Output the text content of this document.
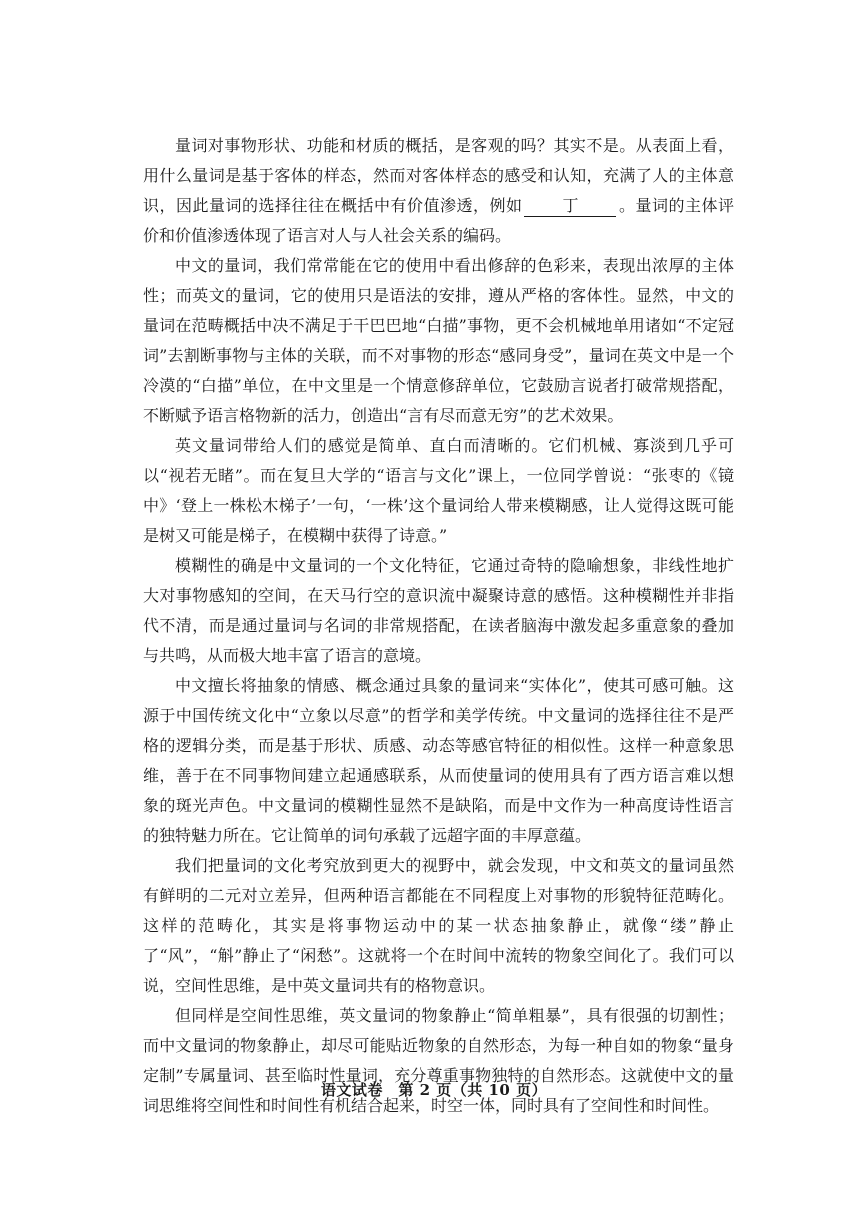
量词对事物形状、功能和材质的概括，是客观的吗？其实不是。从表面上看，用什么量词是基于客体的样态，然而对客体样态的感受和认知，充满了人的主体意识，因此量词的选择往往在概括中有价值渗透，例如 丁	。量词的主体评价和价值渗透体现了语言对人与人社会关系的编码。

中文的量词，我们常常能在它的使用中看出修辞的色彩来，表现出浓厚的主体性；而英文的量词，它的使用只是语法的安排，遵从严格的客体性。显然，中文的量词在范畴概括中决不满足于干巴巴地“白描”事物，更不会机械地单用诸如“不定冠词”去割断事物与主体的关联，而不对事物的形态“感同身受”，量词在英文中是一个冷漠的“白描”单位，在中文里是一个情意修辞单位，它鼓励言说者打破常规搭配，不断赋予语言格物新的活力，创造出“言有尽而意无穷”的艺术效果。

英文量词带给人们的感觉是简单、直白而清晰的。它们机械、寡淡到几乎可以“视若无睹”。而在复旦大学的“语言与文化”课上，一位同学曾说：“张枣的《镜中》‘登上一株松木梯子’一句，‘一株’这个量词给人带来模糊感，让人觉得这既可能是树又可能是梯子，在模糊中获得了诗意。”

模糊性的确是中文量词的一个文化特征，它通过奇特的隐喻想象，非线性地扩大对事物感知的空间，在天马行空的意识流中凝聚诗意的感悟。这种模糊性并非指代不清，而是通过量词与名词的非常规搭配，在读者脑海中激发起多重意象的叠加与共鸣，从而极大地丰富了语言的意境。

中文擅长将抽象的情感、概念通过具象的量词来“实体化”，使其可感可触。这源于中国传统文化中“立象以尽意”的哲学和美学传统。中文量词的选择往往不是严格的逻辑分类，而是基于形状、质感、动态等感官特征的相似性。这样一种意象思维，善于在不同事物间建立起通感联系，从而使量词的使用具有了西方语言难以想象的斑光声色。中文量词的模糊性显然不是缺陷，而是中文作为一种高度诗性语言的独特魅力所在。它让简单的词句承载了远超字面的丰厚意蕴。

我们把量词的文化考究放到更大的视野中，就会发现，中文和英文的量词虽然有鲜明的二元对立差异，但两种语言都能在不同程度上对事物的形貌特征范畴化。这样的范畴化，其实是将事物运动中的某一状态抽象静止，就像“缕”静止了“风”，“斛”静止了“闲愁”。这就将一个在时间中流转的物象空间化了。我们可以说，空间性思维，是中英文量词共有的格物意识。

但同样是空间性思维，英文量词的物象静止“简单粗暴”，具有很强的切割性；而中文量词的物象静止，却尽可能贴近物象的自然形态，为每一种自如的物象“量身定制”专属量词、甚至临时性量词，充分尊重事物独特的自然形态。这就使中文的量词思维将空间性和时间性有机结合起来，时空一体，同时具有了空间性和时间性。

语文试卷　第 2 页（共 10 页）
